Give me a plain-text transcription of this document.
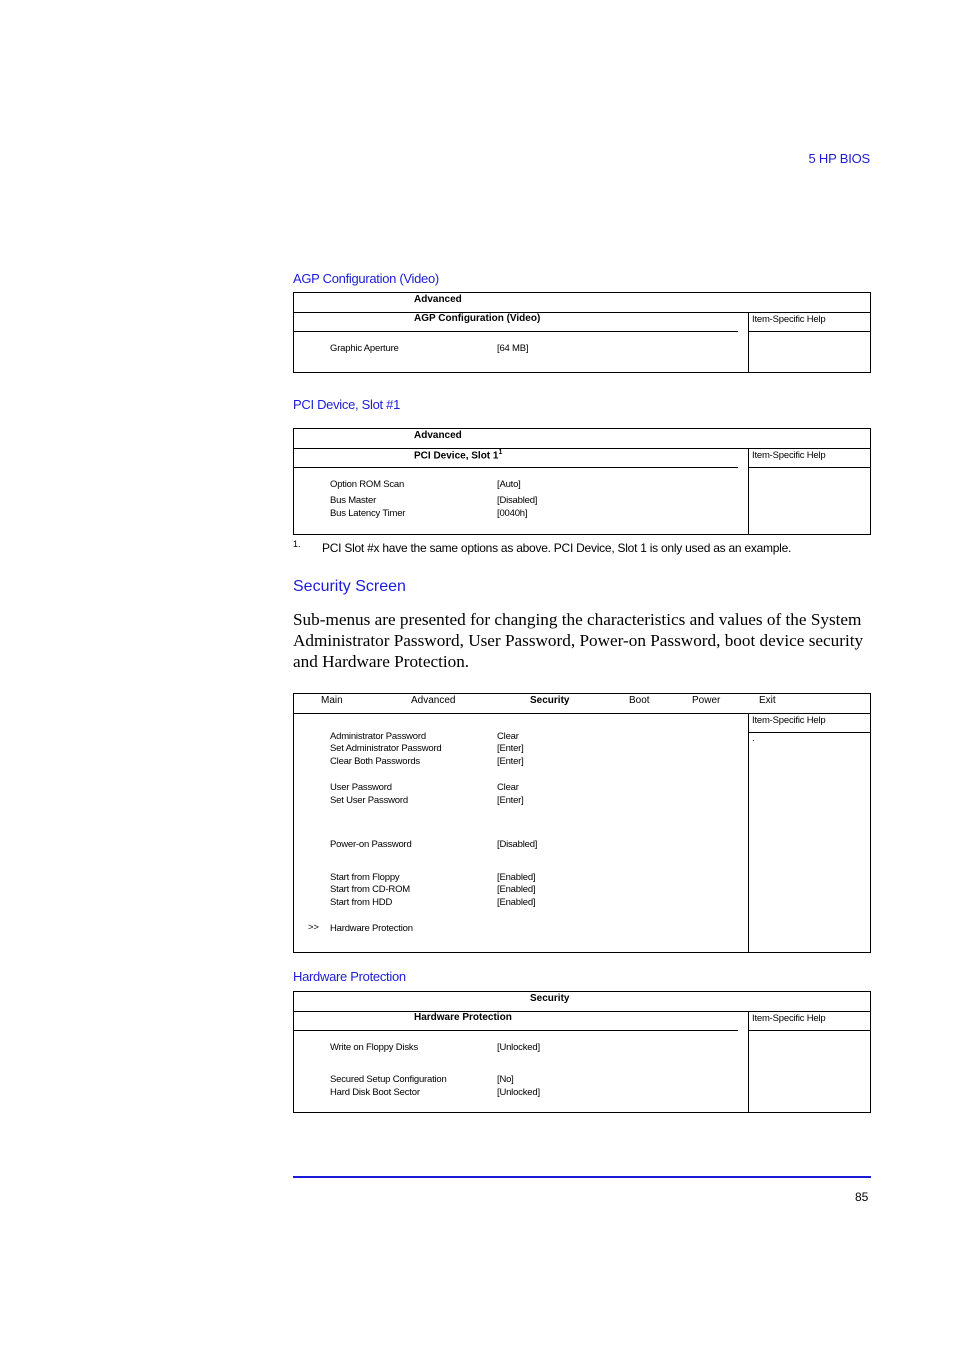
5 HP BIOS
AGP Configuration (Video)
Advanced
AGP Configuration (Video)	Item-Specific Help
Graphic Aperture	[64 MB]
PCI Device, Slot #1
Advanced
PCI Device, Slot $1^1$	Item-Specific Help
Option ROM Scan	[Auto]
Bus Master	[Disabled]
Bus Latency Timer	[0040h]
1. PCI Slot #x have the same options as above. PCI Device, Slot 1 is only used as an example.
Security Screen
Sub-menus are presented for changing the characteristics and values of the System Administrator Password, User Password, Power-on Password, boot device security and Hardware Protection.
Main	Advanced	Security	Boot	Power	Exit
Item-Specific Help
.
Administrator Password	Clear
Set Administrator Password	[Enter]
Clear Both Passwords	[Enter]
User Password	Clear
Set User Password	[Enter]
Power-on Password	[Disabled]
Start from Floppy	[Enabled]
Start from CD-ROM	[Enabled]
Start from HDD	[Enabled]
>> Hardware Protection
Hardware Protection
Security
Hardware Protection	Item-Specific Help
Write on Floppy Disks	[Unlocked]
Secured Setup Configuration	[No]
Hard Disk Boot Sector	[Unlocked]
85
